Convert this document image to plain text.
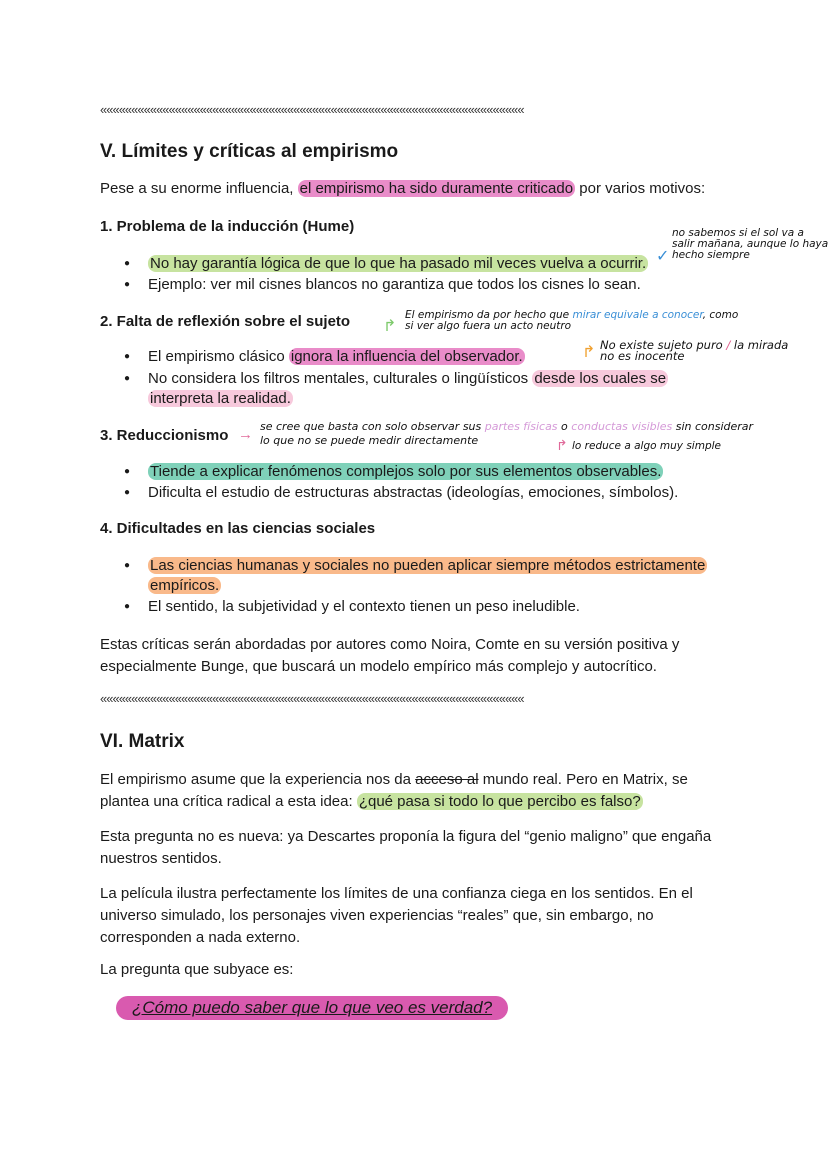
««««««««««««««««««««««««««««««««««««««««««««««««««««««««««««««««««««
V. Límites y críticas al empirismo
Pese a su enorme influencia, el empirismo ha sido duramente criticado por varios motivos:
1. Problema de la inducción (Hume)
● No hay garantía lógica de que lo que ha pasado mil veces vuelva a ocurrir.
● Ejemplo: ver mil cisnes blancos no garantiza que todos los cisnes lo sean.
no sabemos si el sol va a
salir mañana, aunque lo haya
hecho siempre
✓
2. Falta de reflexión sobre el sujeto ↱
El empirismo da por hecho que mirar equivale a conocer, como
si ver algo fuera un acto neutro
● El empirismo clásico ignora la influencia del observador.	↱ No existe sujeto puro / la mirada
no es inocente
● No considera los filtros mentales, culturales o lingüísticos desde los cuales se
interpreta la realidad.
3. Reduccionismo → se cree que basta con solo observar sus partes físicas o conductas visibles sin considerar
lo que no se puede medir directamente	↱ lo reduce a algo muy simple
● Tiende a explicar fenómenos complejos solo por sus elementos observables.
● Dificulta el estudio de estructuras abstractas (ideologías, emociones, símbolos).
4. Dificultades en las ciencias sociales
● Las ciencias humanas y sociales no pueden aplicar siempre métodos estrictamente
empíricos.
● El sentido, la subjetividad y el contexto tienen un peso ineludible.

Estas críticas serán abordadas por autores como Noira, Comte en su versión positiva y

especialmente Bunge, que buscará un modelo empírico más complejo y autocrítico.

««««««««««««««««««««««««««««««««««««««««««««««««««««««««««««««««««««
VI. Matrix

El empirismo asume que la experiencia nos da acceso al mundo real. Pero en Matrix, se

plantea una crítica radical a esta idea: ¿qué pasa si todo lo que percibo es falso?

Esta pregunta no es nueva: ya Descartes proponía la figura del “genio maligno” que engaña

nuestros sentidos.

La película ilustra perfectamente los límites de una confianza ciega en los sentidos. En el

universo simulado, los personajes viven experiencias “reales” que, sin embargo, no

corresponden a nada externo.

La pregunta que subyace es:
¿Cómo puedo saber que lo que veo es verdad?
